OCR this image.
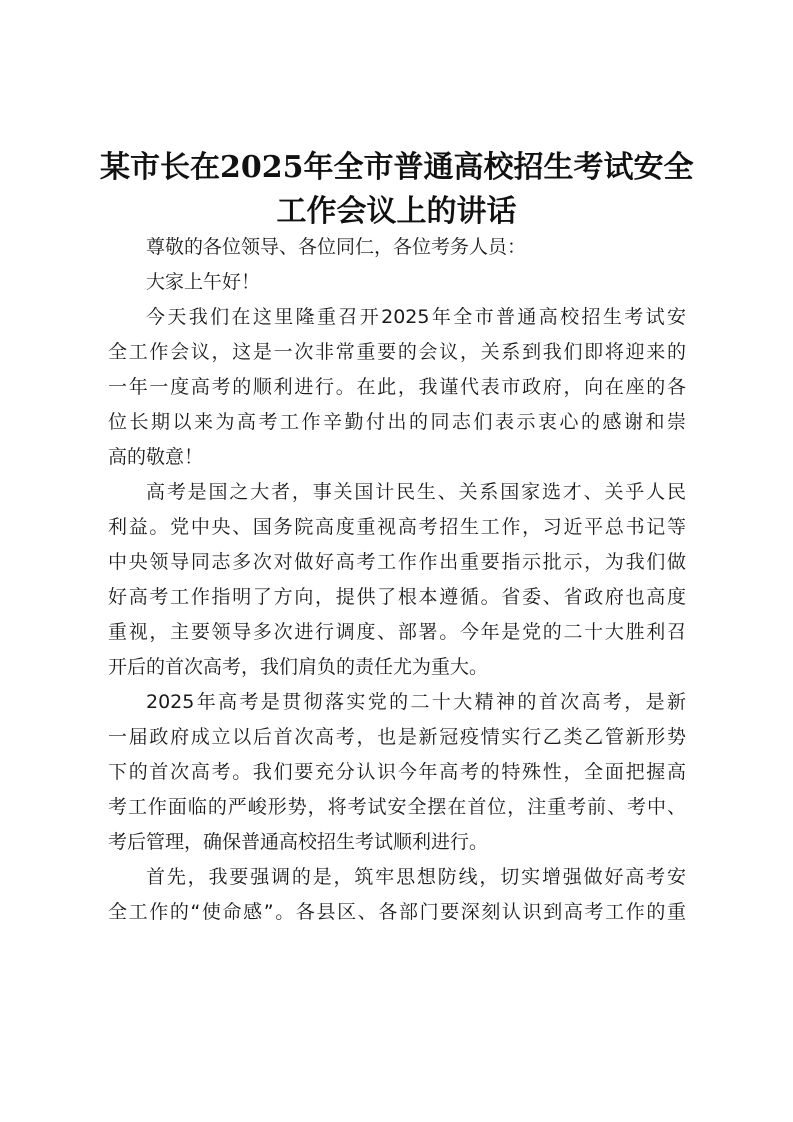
某市长在2025年全市普通高校招生考试安全
工作会议上的讲话
尊敬的各位领导、各位同仁，各位考务人员：
大家上午好！
今天我们在这里隆重召开2025年全市普通高校招生考试安
全工作会议，这是一次非常重要的会议，关系到我们即将迎来的
一年一度高考的顺利进行。在此，我谨代表市政府，向在座的各
位长期以来为高考工作辛勤付出的同志们表示衷心的感谢和崇
高的敬意！
高考是国之大者，事关国计民生、关系国家选才、关乎人民
利益。党中央、国务院高度重视高考招生工作，习近平总书记等
中央领导同志多次对做好高考工作作出重要指示批示，为我们做
好高考工作指明了方向，提供了根本遵循。省委、省政府也高度
重视，主要领导多次进行调度、部署。今年是党的二十大胜利召
开后的首次高考，我们肩负的责任尤为重大。
2025年高考是贯彻落实党的二十大精神的首次高考，是新
一届政府成立以后首次高考，也是新冠疫情实行乙类乙管新形势
下的首次高考。我们要充分认识今年高考的特殊性，全面把握高
考工作面临的严峻形势，将考试安全摆在首位，注重考前、考中、
考后管理，确保普通高校招生考试顺利进行。
首先，我要强调的是，筑牢思想防线，切实增强做好高考安
全工作的“使命感”。各县区、各部门要深刻认识到高考工作的重
